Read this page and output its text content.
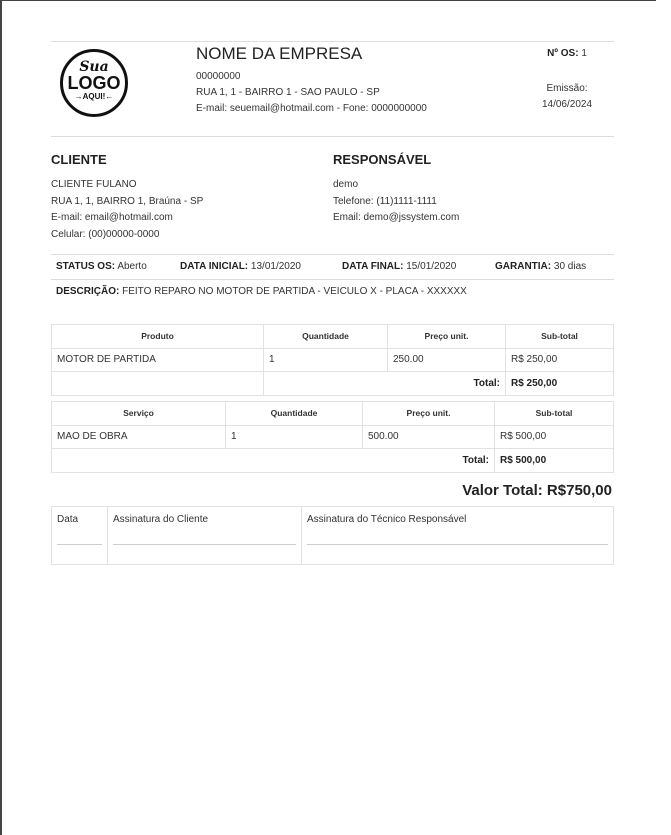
Sua
LOGO
→AQUI!←
NOME DA EMPRESA
00000000
RUA 1, 1 - BAIRRO 1 - SAO PAULO - SP
E-mail: seuemail@hotmail.com - Fone: 0000000000
Nº OS: 1
Emissão:
14/06/2024
CLIENTE
CLIENTE FULANO
RUA 1, 1, BAIRRO 1, Braúna - SP
E-mail: email@hotmail.com
Celular: (00)00000-0000
RESPONSÁVEL
demo
Telefone: (11)1111-1111
Email: demo@jssystem.com
STATUS OS: Aberto	DATA INICIAL: 13/01/2020	DATA FINAL: 15/01/2020	GARANTIA: 30 dias
DESCRIÇÃO: FEITO REPARO NO MOTOR DE PARTIDA - VEICULO X - PLACA - XXXXXX
Produto	Quantidade	Preço unit.	Sub-total
MOTOR DE PARTIDA	1	250.00	R$ 250,00
	Total:		R$ 250,00
Serviço	Quantidade	Preço unit.	Sub-total
MAO DE OBRA	1	500.00	R$ 500,00
Total:			R$ 500,00
Valor Total: R$750,00
Data	Assinatura do Cliente	Assinatura do Técnico Responsável
